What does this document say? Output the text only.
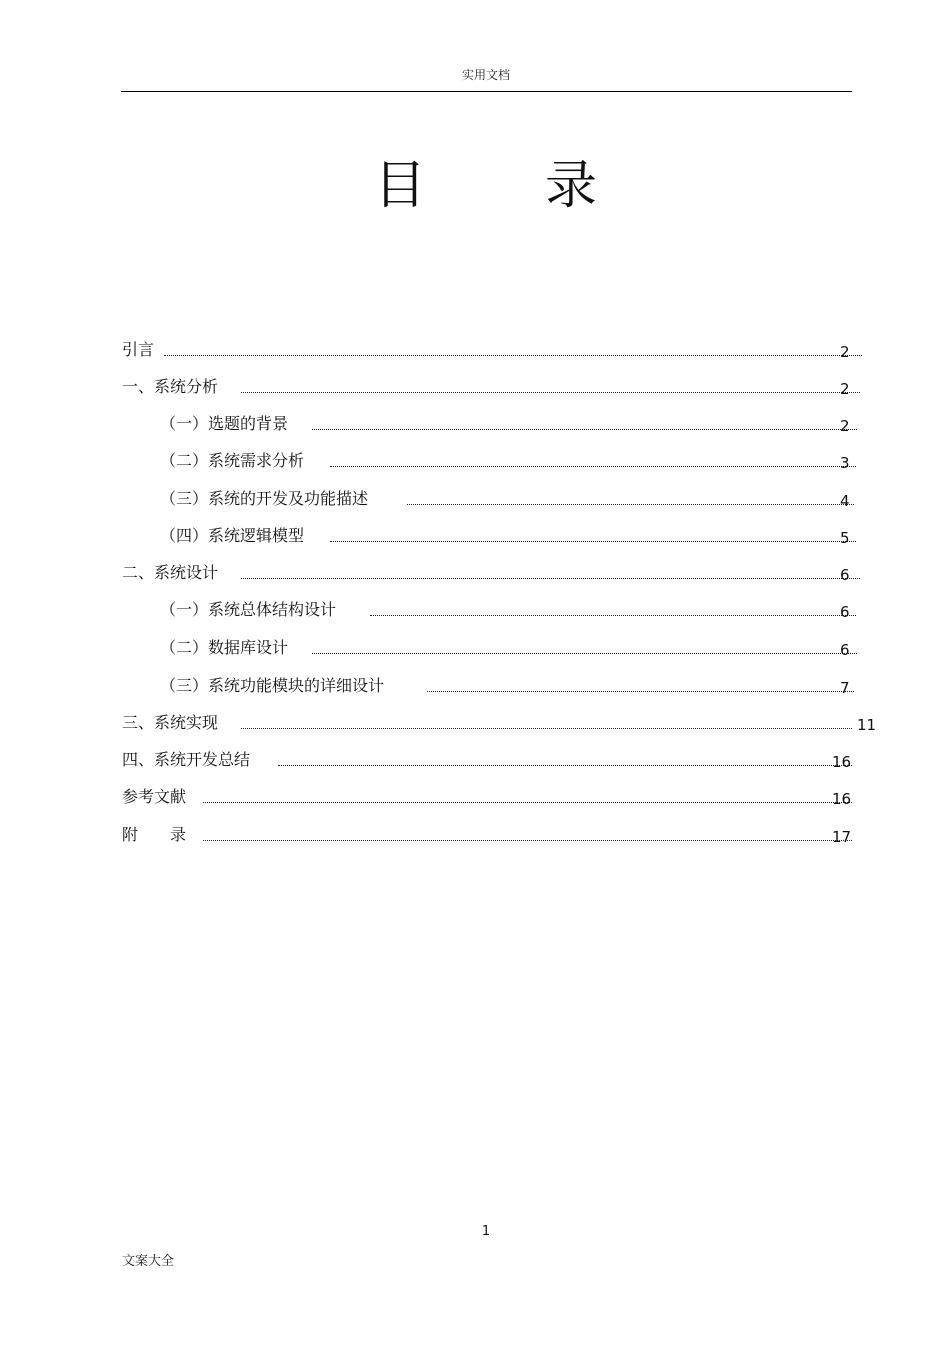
实用文档
目 录
引言	2
一、系统分析	2
（一）选题的背景	2
（二）系统需求分析	3
（三）系统的开发及功能描述	4
（四）系统逻辑模型	5
二、系统设计	6
（一）系统总体结构设计	6
（二）数据库设计	6
（三）系统功能模块的详细设计	7
三、系统实现	11
四、系统开发总结	16
参考文献	16
附　　录	17
1
文案大全
